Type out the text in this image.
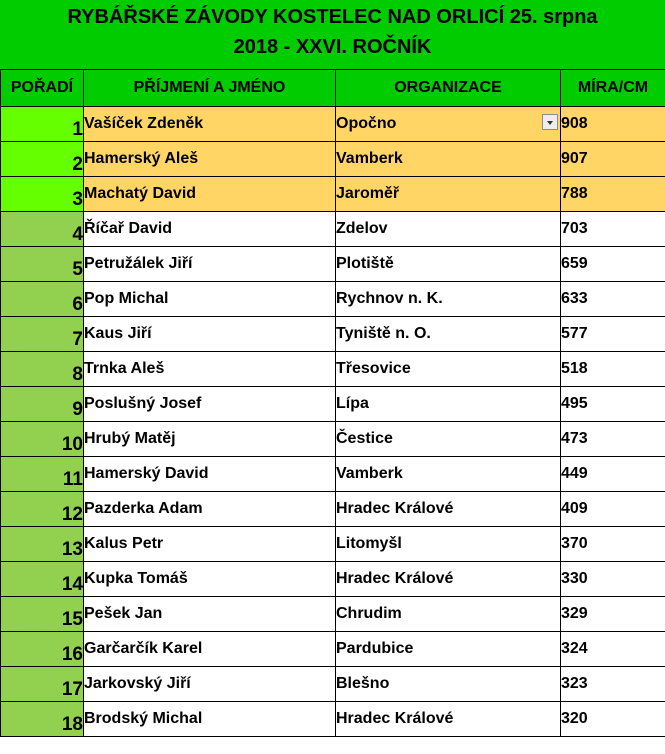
RYBÁŘSKÉ ZÁVODY KOSTELEC NAD ORLICÍ 25. srpna
2018 - XXVI. ROČNÍK
POŘADÍ	PŘÍJMENÍ A JMÉNO	ORGANIZACE	MÍRA/CM
1	Vašíček Zdeněk	Opočno	908
2	Hamerský Aleš	Vamberk	907
3	Machatý David	Jaroměř	788
4	Říčař David	Zdelov	703
5	Petružálek Jiří	Plotiště	659
6	Pop Michal	Rychnov n. K.	633
7	Kaus Jiří	Tyniště n. O.	577
8	Trnka Aleš	Třesovice	518
9	Poslušný Josef	Lípa	495
10	Hrubý Matěj	Čestice	473
11	Hamerský David	Vamberk	449
12	Pazderka Adam	Hradec Králové	409
13	Kalus Petr	Litomyšl	370
14	Kupka Tomáš	Hradec Králové	330
15	Pešek Jan	Chrudim	329
16	Garčarčík Karel	Pardubice	324
17	Jarkovský Jiří	Blešno	323
18	Brodský Michal	Hradec Králové	320
